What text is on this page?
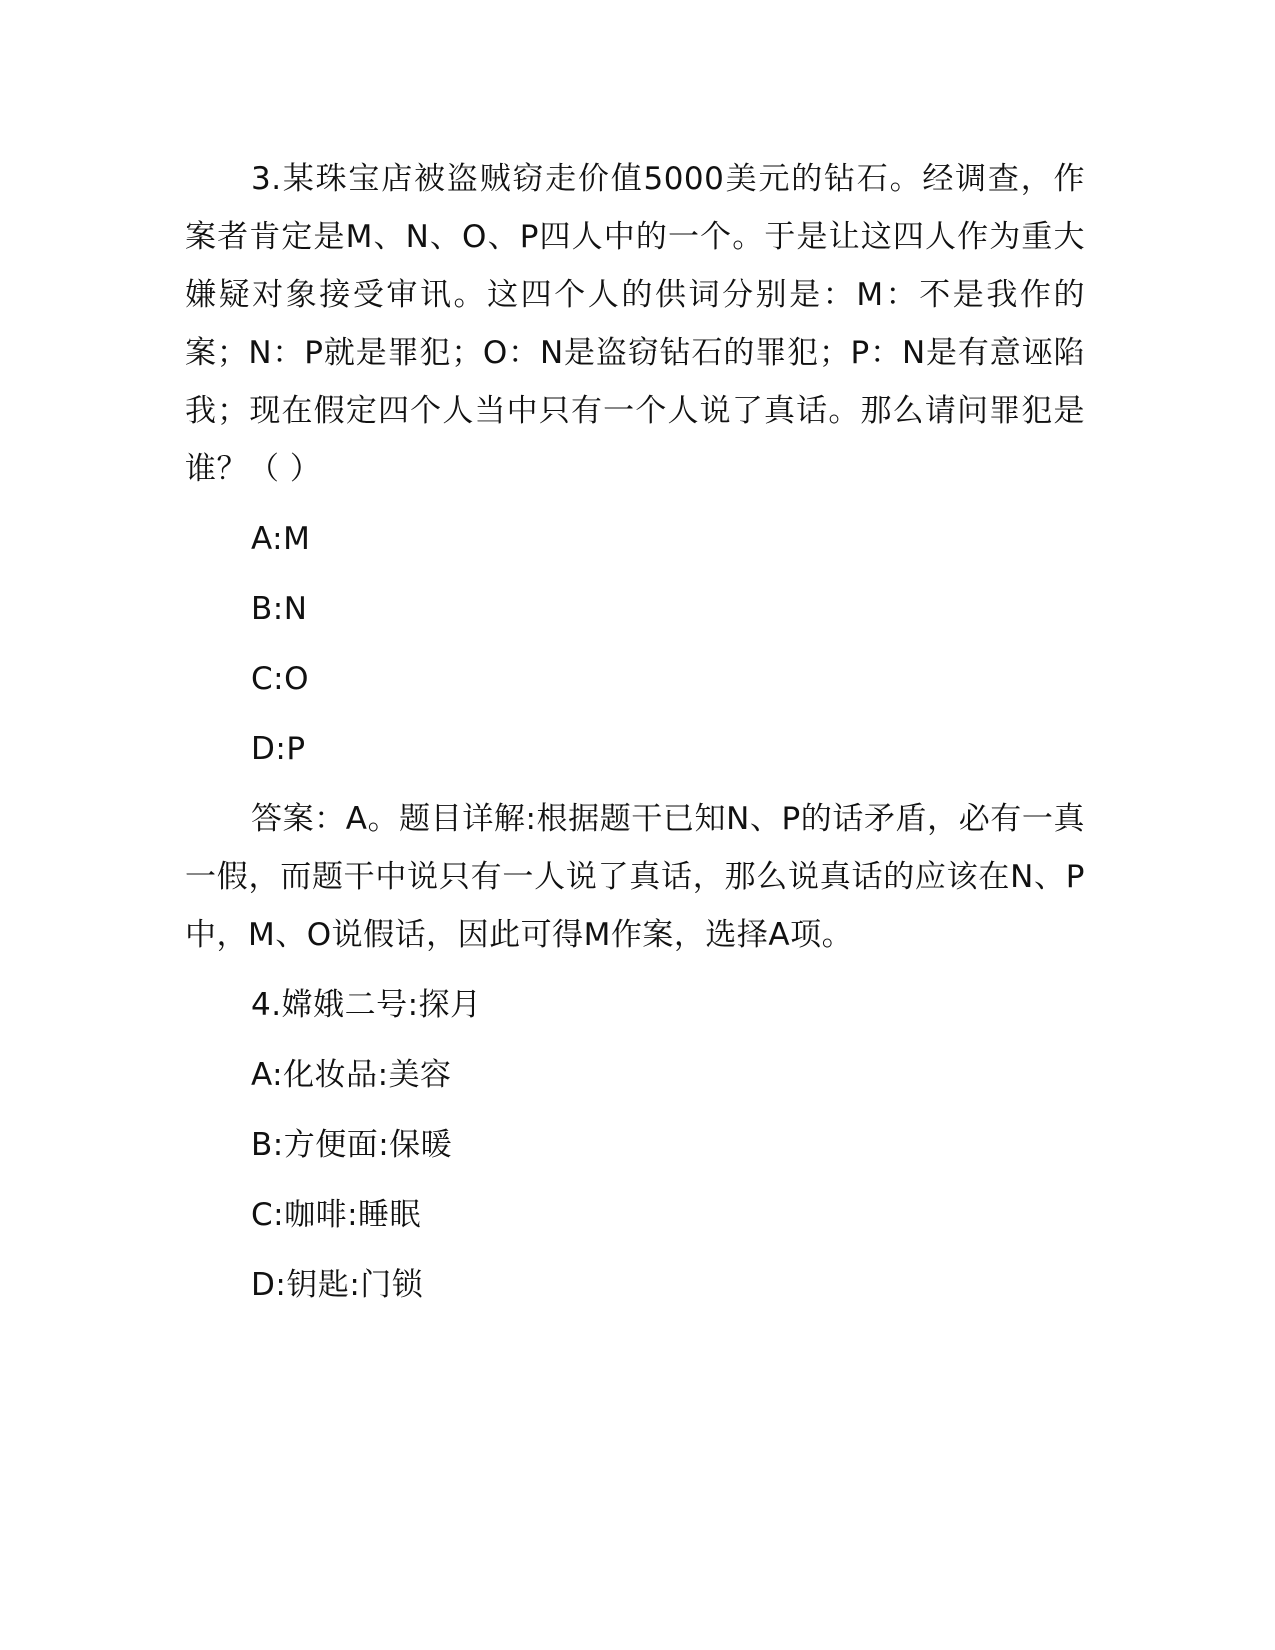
3.某珠宝店被盗贼窃走价值5000美元的钻石。经调查，作案者肯定是M、N、O、P四人中的一个。于是让这四人作为重大嫌疑对象接受审讯。这四个人的供词分别是：M：不是我作的案；N：P就是罪犯；O：N是盗窃钻石的罪犯；P：N是有意诬陷我；现在假定四个人当中只有一个人说了真话。那么请问罪犯是谁？（ ）

A:M

B:N

C:O

D:P

答案：A。题目详解:根据题干已知N、P的话矛盾，必有一真一假，而题干中说只有一人说了真话，那么说真话的应该在N、P中，M、O说假话，因此可得M作案，选择A项。

4.嫦娥二号:探月

A:化妆品:美容

B:方便面:保暖

C:咖啡:睡眠

D:钥匙:门锁
